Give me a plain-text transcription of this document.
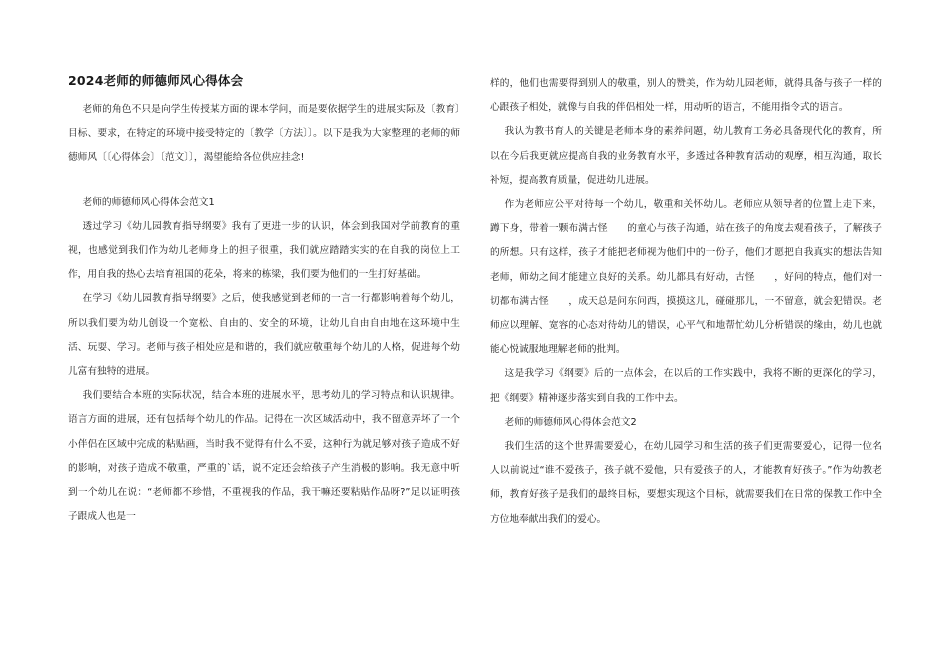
2024老师的师德师风心得体会

老师的角色不只是向学生传授某方面的课本学问，而是要依据学生的进展实际及〔教育〕目标、要求，在特定的环境中接受特定的〔教学〔方法〕〕。以下是我为大家整理的老师的师德师风〔〔心得体会〕〔范文〕〕，渴望能给各位供应挂念!

老师的师德师风心得体会范文1

透过学习《幼儿园教育指导纲要》我有了更进一步的认识，体会到我国对学前教育的重视，也感觉到我们作为幼儿老师身上的担子很重，我们就应踏踏实实的在自我的岗位上工作，用自我的热心去培育祖国的花朵，将来的栋梁，我们要为他们的一生打好基础。

在学习《幼儿园教育指导纲要》之后，使我感觉到老师的一言一行都影响着每个幼儿，所以我们要为幼儿创设一个宽松、自由的、安全的环境，让幼儿自由自由地在这环境中生活、玩耍、学习。老师与孩子相处应是和谐的，我们就应敬重每个幼儿的人格，促进每个幼儿富有独特的进展。

我们要结合本班的实际状况，结合本班的进展水平，思考幼儿的学习特点和认识规律。语言方面的进展，还有包括每个幼儿的作品。记得在一次区域活动中，我不留意弄坏了一个小伴侣在区域中完成的粘贴画，当时我不觉得有什么不妥，这种行为就足够对孩子造成不好的影响，对孩子造成不敬重，严重的`话，说不定还会给孩子产生消极的影响。我无意中听到一个幼儿在说：“老师都不珍惜，不重视我的作品，我干嘛还要粘贴作品呀?”足以证明孩子跟成人也是一

样的，他们也需要得到别人的敬重，别人的赞美，作为幼儿园老师，就得具备与孩子一样的心跟孩子相处，就像与自我的伴侣相处一样，用动听的语言，不能用指令式的语言。

我认为教书育人的关键是老师本身的素养问题，幼儿教育工务必具备现代化的教育，所以在今后我更就应提高自我的业务教育水平，多透过各种教育活动的观摩，相互沟通，取长补短，提高教育质量，促进幼儿进展。

作为老师应公平对待每一个幼儿，敬重和关怀幼儿。老师应从领导者的位置上走下来，蹲下身，带着一颗布满古怪　　的童心与孩子沟通，站在孩子的角度去观看孩子，了解孩子的所想。只有这样，孩子才能把老师视为他们中的一份子，他们才愿把自我真实的想法告知老师，师幼之间才能建立良好的关系。幼儿都具有好动，古怪　　，好问的特点，他们对一切都布满古怪　　，成天总是问东问西，摸摸这儿，碰碰那儿，一不留意，就会犯错误。老师应以理解、宽容的心态对待幼儿的错误，心平气和地帮忙幼儿分析错误的缘由，幼儿也就能心悦诚服地理解老师的批判。

这是我学习《纲要》后的一点体会，在以后的工作实践中，我将不断的更深化的学习，把《纲要》精神逐步落实到自我的工作中去。

老师的师德师风心得体会范文2

我们生活的这个世界需要爱心，在幼儿园学习和生活的孩子们更需要爱心，记得一位名人以前说过“谁不爱孩子，孩子就不爱他，只有爱孩子的人，才能教育好孩子。”作为幼教老师，教育好孩子是我们的最终目标，要想实现这个目标，就需要我们在日常的保教工作中全方位地奉献出我们的爱心。
